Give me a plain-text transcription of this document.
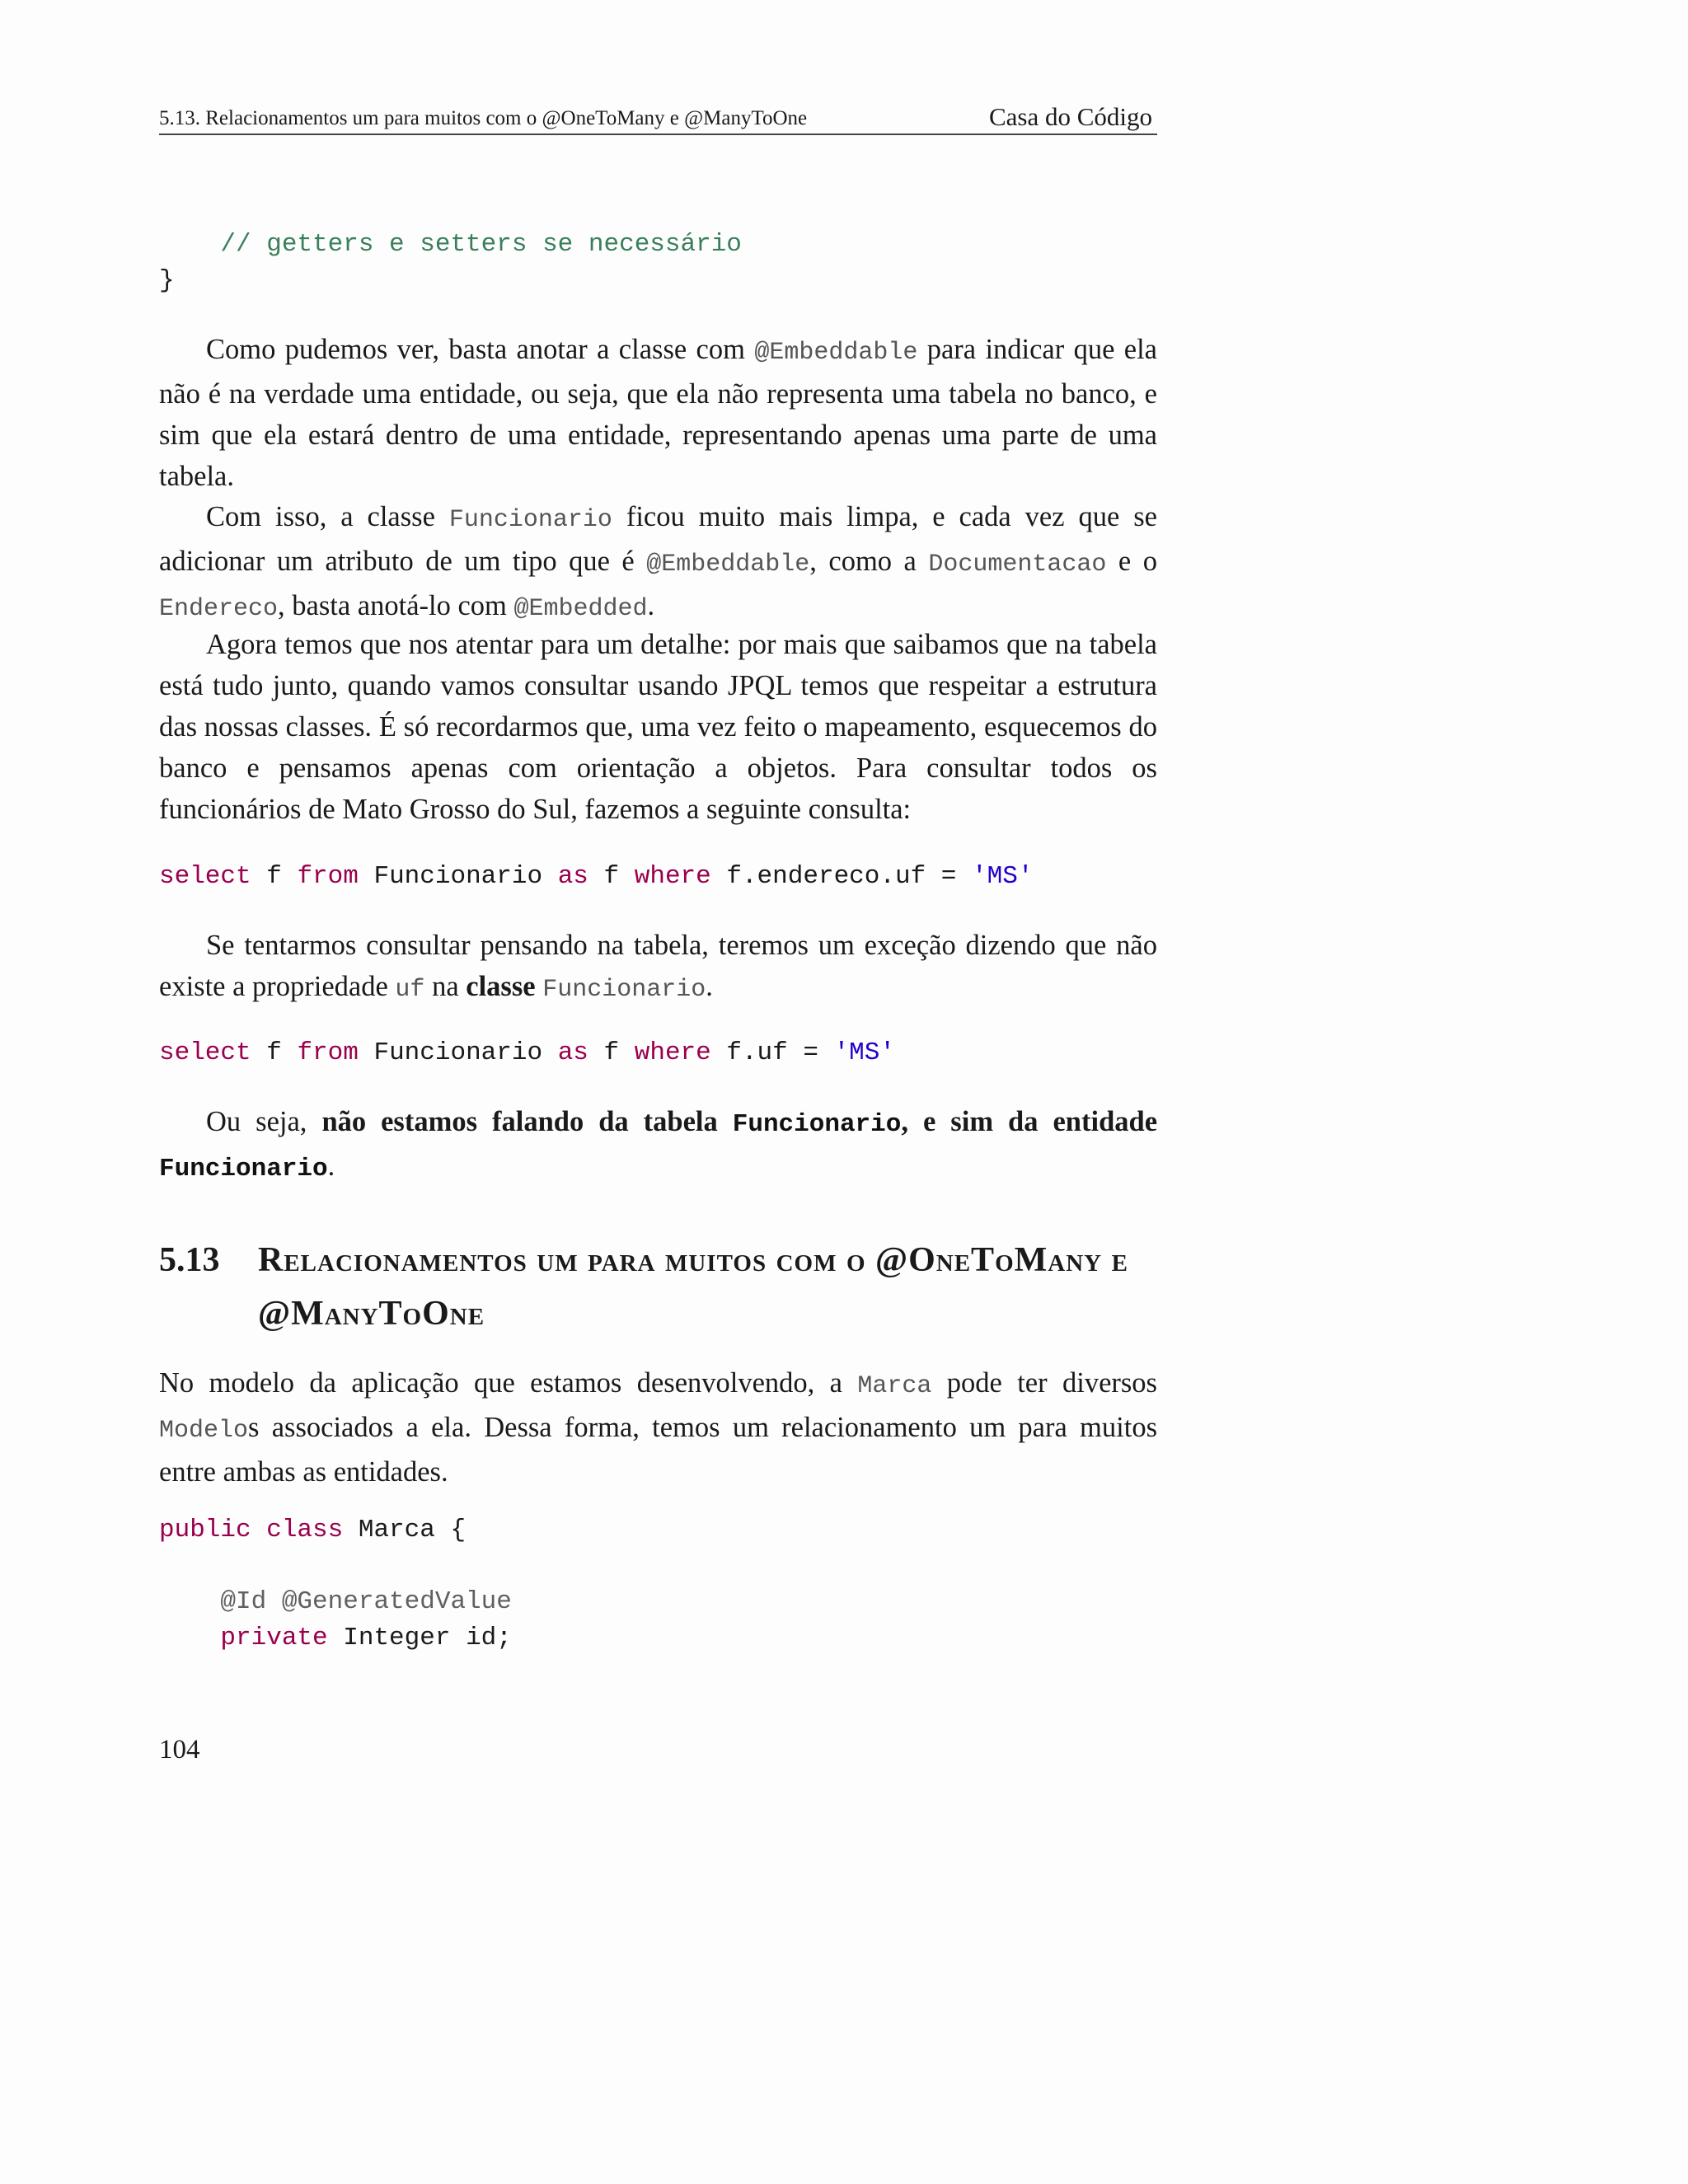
5.13. Relacionamentos um para muitos com o @OneToMany e @ManyToOne	Casa do Código
// getters e setters se necessário
}
Como pudemos ver, basta anotar a classe com @Embeddable para indicar que ela não é na verdade uma entidade, ou seja, que ela não representa uma tabela no banco, e sim que ela estará dentro de uma entidade, representando apenas uma parte de uma tabela.
Com isso, a classe Funcionario ficou muito mais limpa, e cada vez que se adicionar um atributo de um tipo que é @Embeddable, como a Documentacao e o Endereco, basta anotá-lo com @Embedded.
Agora temos que nos atentar para um detalhe: por mais que saibamos que na tabela está tudo junto, quando vamos consultar usando JPQL temos que respeitar a estrutura das nossas classes. É só recordarmos que, uma vez feito o mapeamento, esquecemos do banco e pensamos apenas com orientação a objetos. Para consultar todos os funcionários de Mato Grosso do Sul, fazemos a seguinte consulta:
select f from Funcionario as f where f.endereco.uf = 'MS'
Se tentarmos consultar pensando na tabela, teremos um exceção dizendo que não existe a propriedade uf na classe Funcionario.
select f from Funcionario as f where f.uf = 'MS'
Ou seja, não estamos falando da tabela Funcionario, e sim da entidade Funcionario.
5.13 Relacionamentos um para muitos com o @OneToMany e @ManyToOne
No modelo da aplicação que estamos desenvolvendo, a Marca pode ter diversos Modelos associados a ela. Dessa forma, temos um relacionamento um para muitos entre ambas as entidades.
public class Marca {

@Id @GeneratedValue
private Integer id;
104
